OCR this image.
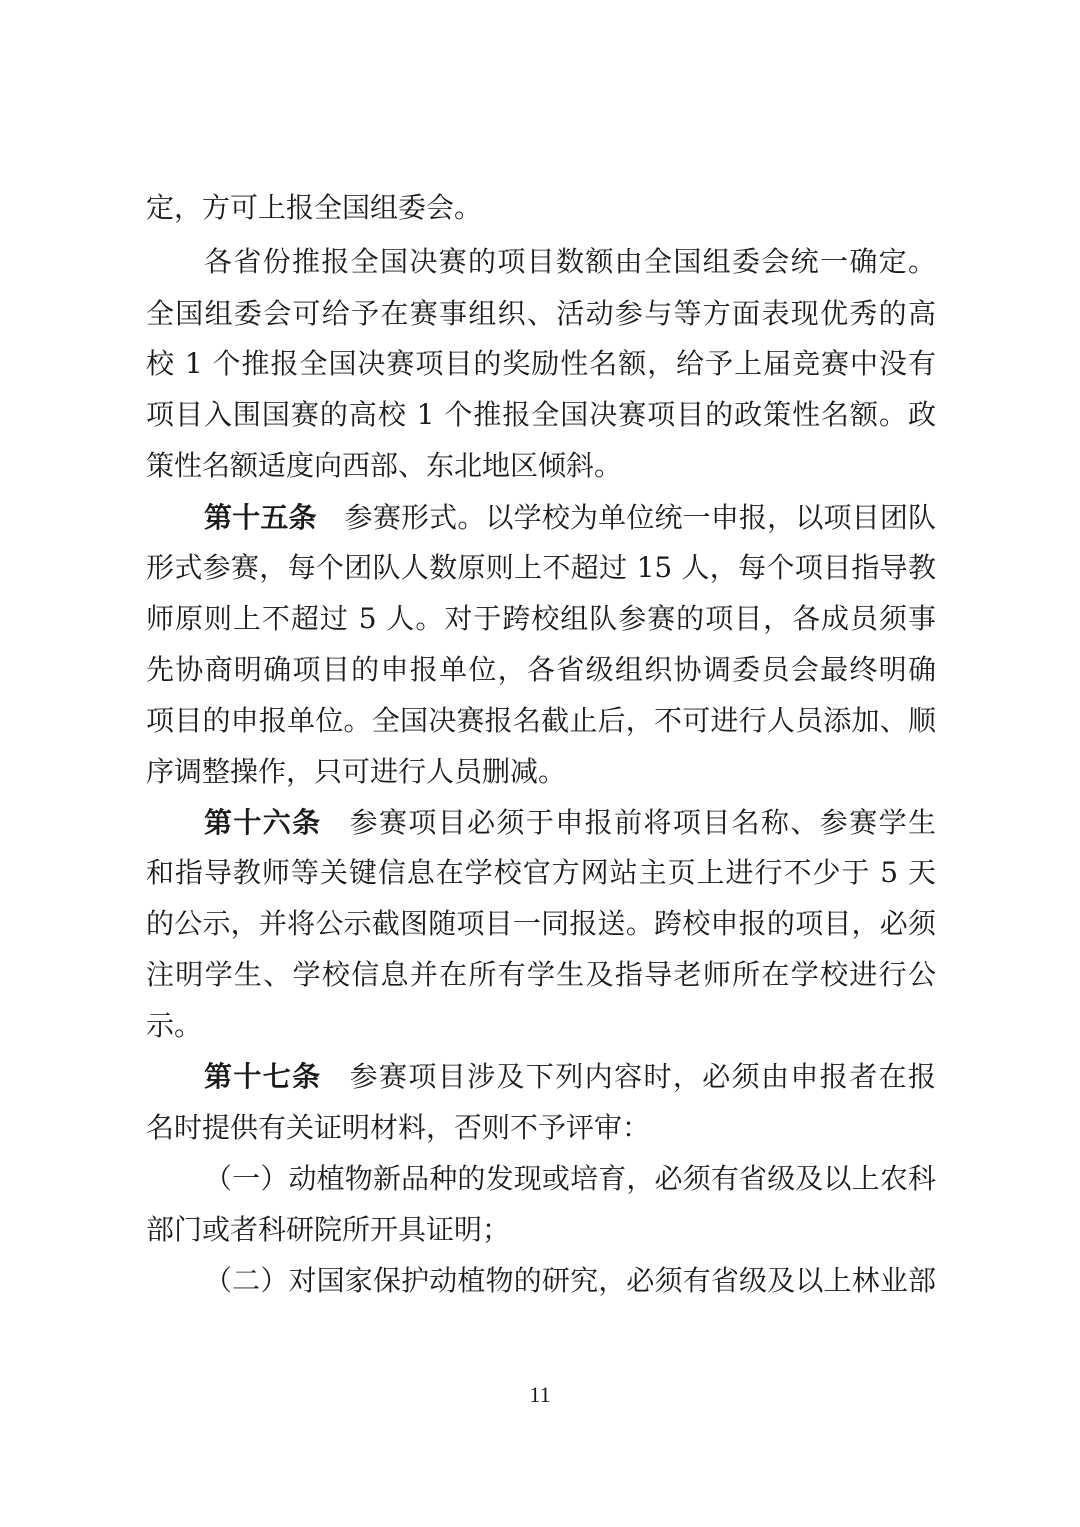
定，方可上报全国组委会。
各省份推报全国决赛的项目数额由全国组委会统一确定。
全国组委会可给予在赛事组织、活动参与等方面表现优秀的高
校 1 个推报全国决赛项目的奖励性名额，给予上届竞赛中没有
项目入围国赛的高校 1 个推报全国决赛项目的政策性名额。政
策性名额适度向西部、东北地区倾斜。
第十五条 参赛形式。以学校为单位统一申报，以项目团队
形式参赛，每个团队人数原则上不超过 15 人，每个项目指导教
师原则上不超过 5 人。对于跨校组队参赛的项目，各成员须事
先协商明确项目的申报单位，各省级组织协调委员会最终明确
项目的申报单位。全国决赛报名截止后，不可进行人员添加、顺
序调整操作，只可进行人员删减。
第十六条 参赛项目必须于申报前将项目名称、参赛学生
和指导教师等关键信息在学校官方网站主页上进行不少于 5 天
的公示，并将公示截图随项目一同报送。跨校申报的项目，必须
注明学生、学校信息并在所有学生及指导老师所在学校进行公
示。
第十七条 参赛项目涉及下列内容时，必须由申报者在报
名时提供有关证明材料，否则不予评审：
（一）动植物新品种的发现或培育，必须有省级及以上农科
部门或者科研院所开具证明；
（二）对国家保护动植物的研究，必须有省级及以上林业部
11
